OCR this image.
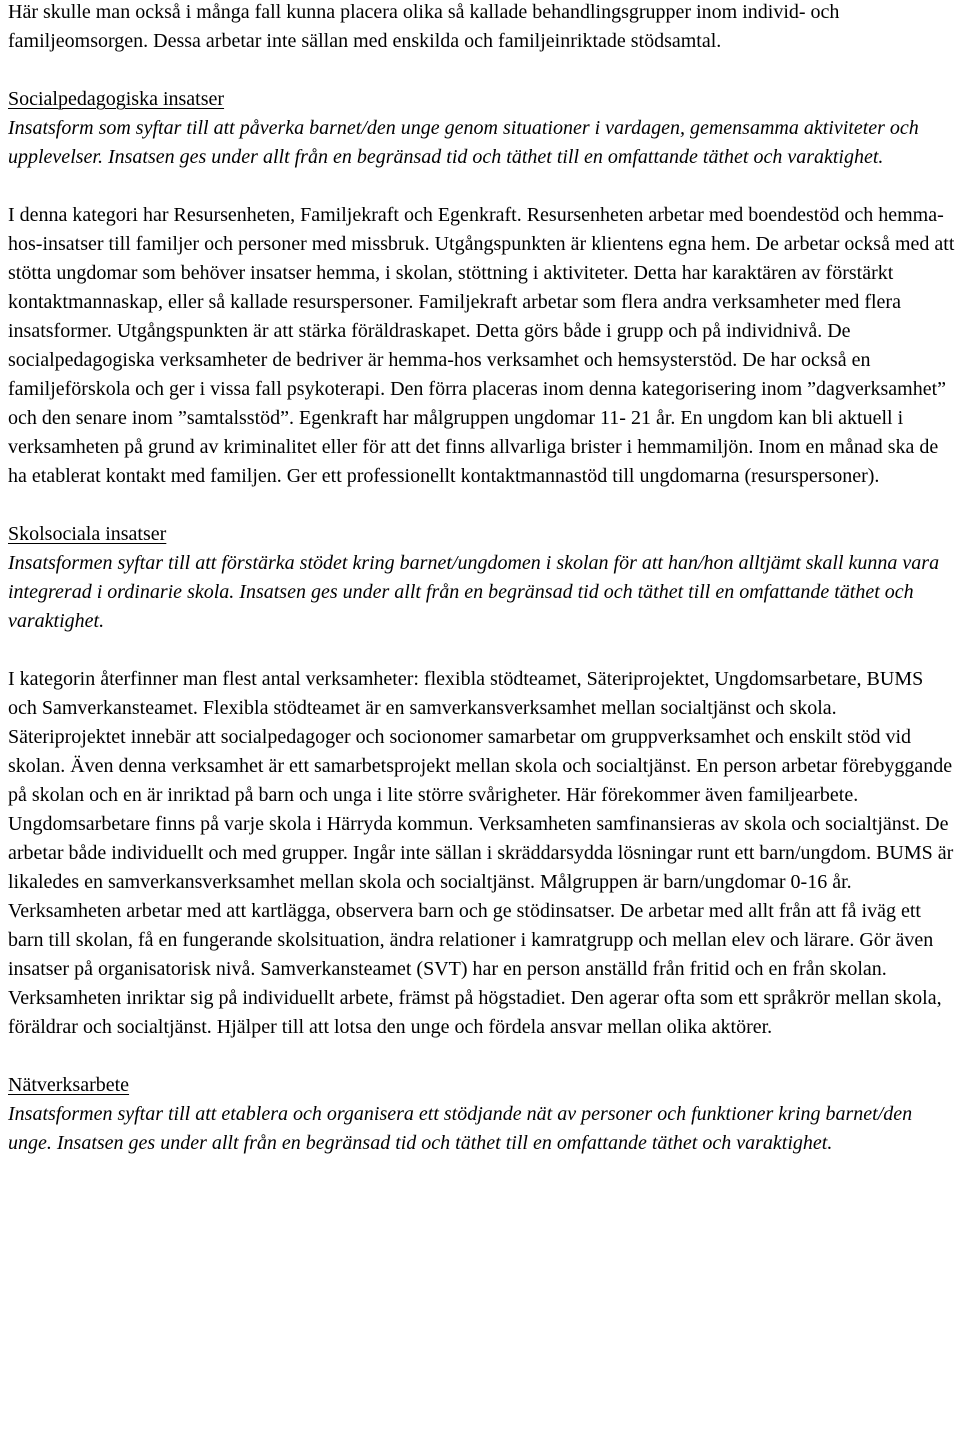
Här skulle man också i många fall kunna placera olika så kallade behandlingsgrupper inom individ- och familjeomsorgen. Dessa arbetar inte sällan med enskilda och familjeinriktade stödsamtal.

Socialpedagogiska insatser

Insatsform som syftar till att påverka barnet/den unge genom situationer i vardagen, gemensamma aktiviteter och upplevelser. Insatsen ges under allt från en begränsad tid och täthet till en omfattande täthet och varaktighet.

I denna kategori har Resursenheten, Familjekraft och Egenkraft. Resursenheten arbetar med boendestöd och hemma-hos-insatser till familjer och personer med missbruk. Utgångspunkten är klientens egna hem. De arbetar också med att stötta ungdomar som behöver insatser hemma, i skolan, stöttning i aktiviteter. Detta har karaktären av förstärkt kontaktmannaskap, eller så kallade resurspersoner. Familjekraft arbetar som flera andra verksamheter med flera insatsformer. Utgångspunkten är att stärka föräldraskapet. Detta görs både i grupp och på individnivå. De socialpedagogiska verksamheter de bedriver är hemma-hos verksamhet och hemsysterstöd. De har också en familjeförskola och ger i vissa fall psykoterapi. Den förra placeras inom denna kategorisering inom ”dagverksamhet” och den senare inom ”samtalsstöd”. Egenkraft har målgruppen ungdomar 11- 21 år. En ungdom kan bli aktuell i verksamheten på grund av kriminalitet eller för att det finns allvarliga brister i hemmamiljön. Inom en månad ska de ha etablerat kontakt med familjen. Ger ett professionellt kontaktmannastöd till ungdomarna (resurspersoner).

Skolsociala insatser

Insatsformen syftar till att förstärka stödet kring barnet/ungdomen i skolan för att han/hon alltjämt skall kunna vara integrerad i ordinarie skola. Insatsen ges under allt från en begränsad tid och täthet till en omfattande täthet och varaktighet.

I kategorin återfinner man flest antal verksamheter: flexibla stödteamet, Säteriprojektet, Ungdomsarbetare, BUMS och Samverkansteamet. Flexibla stödteamet är en samverkansverksamhet mellan socialtjänst och skola. Säteriprojektet innebär att socialpedagoger och socionomer samarbetar om gruppverksamhet och enskilt stöd vid skolan. Även denna verksamhet är ett samarbetsprojekt mellan skola och socialtjänst. En person arbetar förebyggande på skolan och en är inriktad på barn och unga i lite större svårigheter. Här förekommer även familjearbete. Ungdomsarbetare finns på varje skola i Härryda kommun. Verksamheten samfinansieras av skola och socialtjänst. De arbetar både individuellt och med grupper. Ingår inte sällan i skräddarsydda lösningar runt ett barn/ungdom. BUMS är likaledes en samverkansverksamhet mellan skola och socialtjänst. Målgruppen är barn/ungdomar 0-16 år. Verksamheten arbetar med att kartlägga, observera barn och ge stödinsatser. De arbetar med allt från att få iväg ett barn till skolan, få en fungerande skolsituation, ändra relationer i kamratgrupp och mellan elev och lärare. Gör även insatser på organisatorisk nivå. Samverkansteamet (SVT) har en person anställd från fritid och en från skolan. Verksamheten inriktar sig på individuellt arbete, främst på högstadiet. Den agerar ofta som ett språkrör mellan skola, föräldrar och socialtjänst. Hjälper till att lotsa den unge och fördela ansvar mellan olika aktörer.

Nätverksarbete

Insatsformen syftar till att etablera och organisera ett stödjande nät av personer och funktioner kring barnet/den unge. Insatsen ges under allt från en begränsad tid och täthet till en omfattande täthet och varaktighet.
